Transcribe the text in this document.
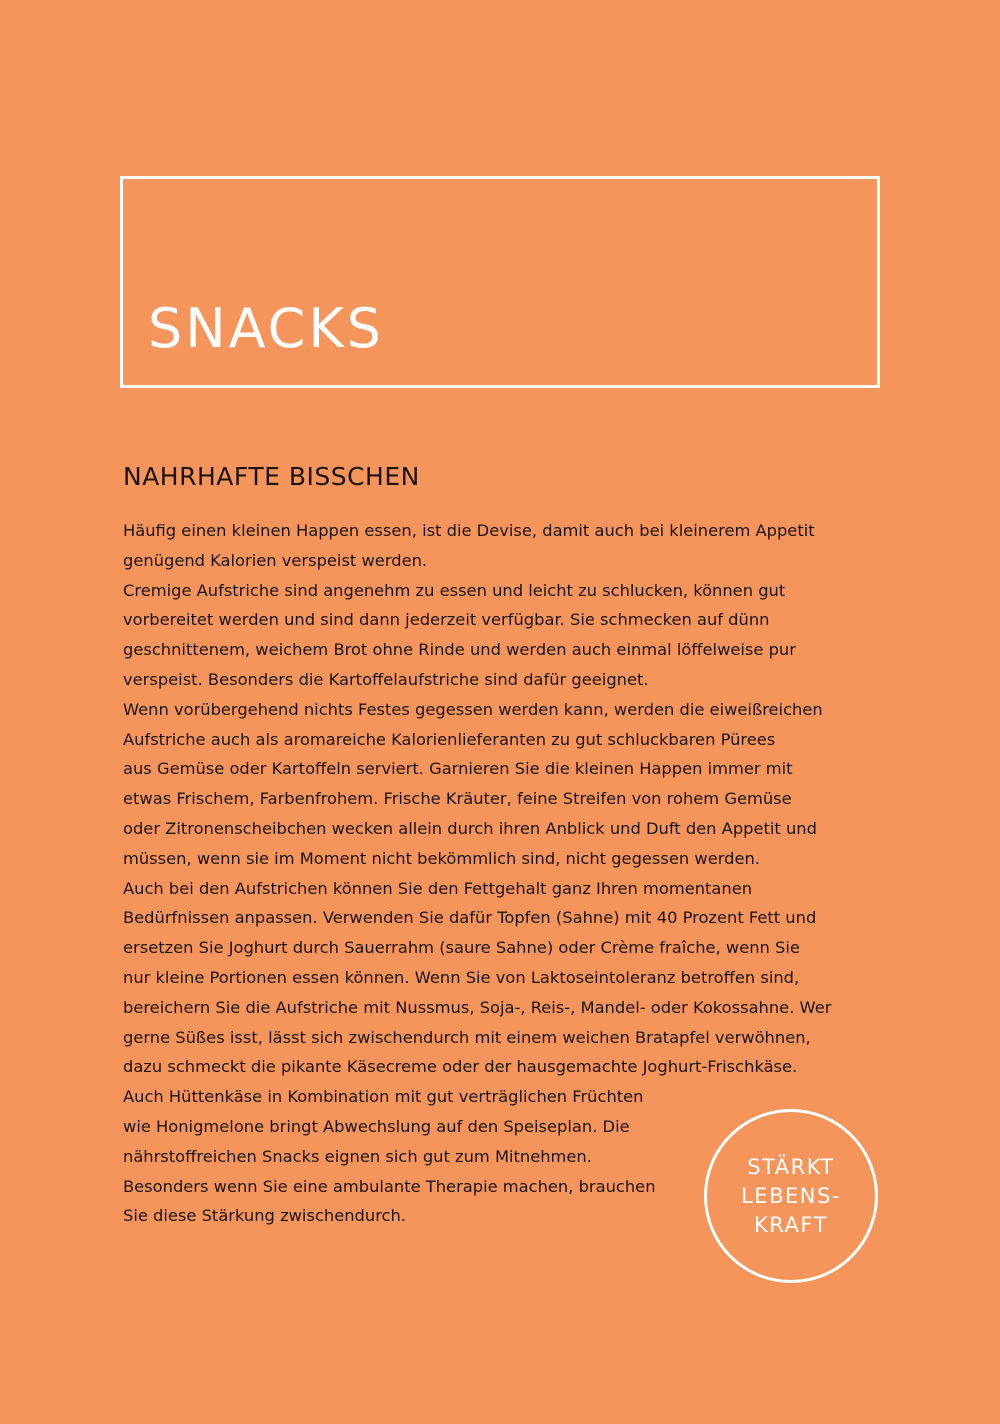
SNACKS
NAHRHAFTE BISSCHEN
Häufig einen kleinen Happen essen, ist die Devise, damit auch bei kleinerem Appetit
genügend Kalorien verspeist werden.
Cremige Aufstriche sind angenehm zu essen und leicht zu schlucken, können gut
vorbereitet werden und sind dann jederzeit verfügbar. Sie schmecken auf dünn
geschnittenem, weichem Brot ohne Rinde und werden auch einmal löffelweise pur
verspeist. Besonders die Kartoffelaufstriche sind dafür geeignet.
Wenn vorübergehend nichts Festes gegessen werden kann, werden die eiweißreichen
Aufstriche auch als aromareiche Kalorienlieferanten zu gut schluckbaren Pürees
aus Gemüse oder Kartoffeln serviert. Garnieren Sie die kleinen Happen immer mit
etwas Frischem, Farbenfrohem. Frische Kräuter, feine Streifen von rohem Gemüse
oder Zitronenscheibchen wecken allein durch ihren Anblick und Duft den Appetit und
müssen, wenn sie im Moment nicht bekömmlich sind, nicht gegessen werden.
Auch bei den Aufstrichen können Sie den Fettgehalt ganz Ihren momentanen
Bedürfnissen anpassen. Verwenden Sie dafür Topfen (Sahne) mit 40 Prozent Fett und
ersetzen Sie Joghurt durch Sauerrahm (saure Sahne) oder Crème fraîche, wenn Sie
nur kleine Portionen essen können. Wenn Sie von Laktoseintoleranz betroffen sind,
bereichern Sie die Aufstriche mit Nussmus, Soja-, Reis-, Mandel- oder Kokossahne. Wer
gerne Süßes isst, lässt sich zwischendurch mit einem weichen Bratapfel verwöhnen,
dazu schmeckt die pikante Käsecreme oder der hausgemachte Joghurt-Frischkäse.
Auch Hüttenkäse in Kombination mit gut verträglichen Früchten
wie Honigmelone bringt Abwechslung auf den Speiseplan. Die
nährstoffreichen Snacks eignen sich gut zum Mitnehmen.
Besonders wenn Sie eine ambulante Therapie machen, brauchen
Sie diese Stärkung zwischendurch.
STÄRKT
LEBENS-
KRAFT
